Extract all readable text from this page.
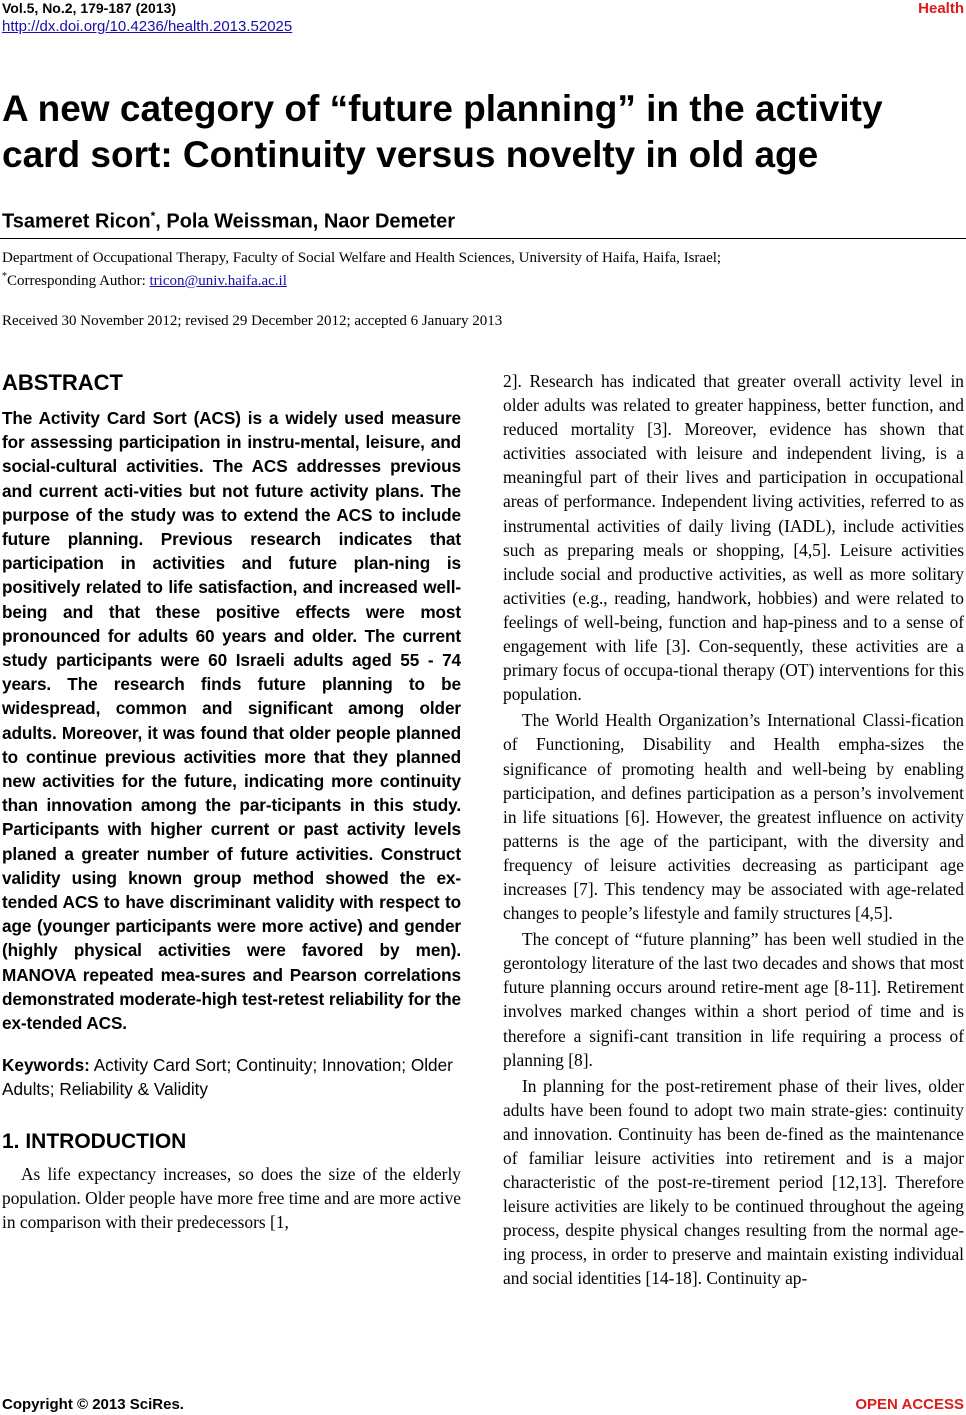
Vol.5, No.2, 179-187 (2013)
http://dx.doi.org/10.4236/health.2013.52025
Health
A new category of “future planning” in the activity card sort: Continuity versus novelty in old age
Tsameret Ricon*, Pola Weissman, Naor Demeter
Department of Occupational Therapy, Faculty of Social Welfare and Health Sciences, University of Haifa, Haifa, Israel;
*Corresponding Author: tricon@univ.haifa.ac.il
Received 30 November 2012; revised 29 December 2012; accepted 6 January 2013
ABSTRACT

The Activity Card Sort (ACS) is a widely used measure for assessing participation in instru-mental, leisure, and social-cultural activities. The ACS addresses previous and current acti-vities but not future activity plans. The purpose of the study was to extend the ACS to include future planning. Previous research indicates that participation in activities and future plan-ning is positively related to life satisfaction, and increased well-being and that these positive effects were most pronounced for adults 60 years and older. The current study participants were 60 Israeli adults aged 55 - 74 years. The research finds future planning to be widespread, common and significant among older adults. Moreover, it was found that older people planned to continue previous activities more that they planned new activities for the future, indicating more continuity than innovation among the par-ticipants in this study. Participants with higher current or past activity levels planed a greater number of future activities. Construct validity using known group method showed the ex-tended ACS to have discriminant validity with respect to age (younger participants were more active) and gender (highly physical activities were favored by men). MANOVA repeated mea-sures and Pearson correlations demonstrated moderate-high test-retest reliability for the ex-tended ACS.

Keywords: Activity Card Sort; Continuity; Innovation; Older Adults; Reliability & Validity

1. INTRODUCTION

As life expectancy increases, so does the size of the elderly population. Older people have more free time and are more active in comparison with their predecessors [1,

2]. Research has indicated that greater overall activity level in older adults was related to greater happiness, better function, and reduced mortality [3]. Moreover, evidence has shown that activities associated with leisure and independent living, is a meaningful part of their lives and participation in occupational areas of performance. Independent living activities, referred to as instrumental activities of daily living (IADL), include activities such as preparing meals or shopping, [4,5]. Leisure activities include social and productive activities, as well as more solitary activities (e.g., reading, handwork, hobbies) and were related to feelings of well-being, function and hap-piness and to a sense of engagement with life [3]. Con-sequently, these activities are a primary focus of occupa-tional therapy (OT) interventions for this population.

The World Health Organization’s International Classi-fication of Functioning, Disability and Health empha-sizes the significance of promoting health and well-being by enabling participation, and defines participation as a person’s involvement in life situations [6]. However, the greatest influence on activity patterns is the age of the participant, with the diversity and frequency of leisure activities decreasing as participant age increases [7]. This tendency may be associated with age-related changes to people’s lifestyle and family structures [4,5].

The concept of “future planning” has been well studied in the gerontology literature of the last two decades and shows that most future planning occurs around retire-ment age [8-11]. Retirement involves marked changes within a short period of time and is therefore a signifi-cant transition in life requiring a process of planning [8].

In planning for the post-retirement phase of their lives, older adults have been found to adopt two main strate-gies: continuity and innovation. Continuity has been de-fined as the maintenance of familiar leisure activities into retirement and is a major characteristic of the post-re-tirement period [12,13]. Therefore leisure activities are likely to be continued throughout the ageing process, despite physical changes resulting from the normal age-ing process, in order to preserve and maintain existing individual and social identities [14-18]. Continuity ap-

Copyright © 2013 SciRes.	OPEN ACCESS
